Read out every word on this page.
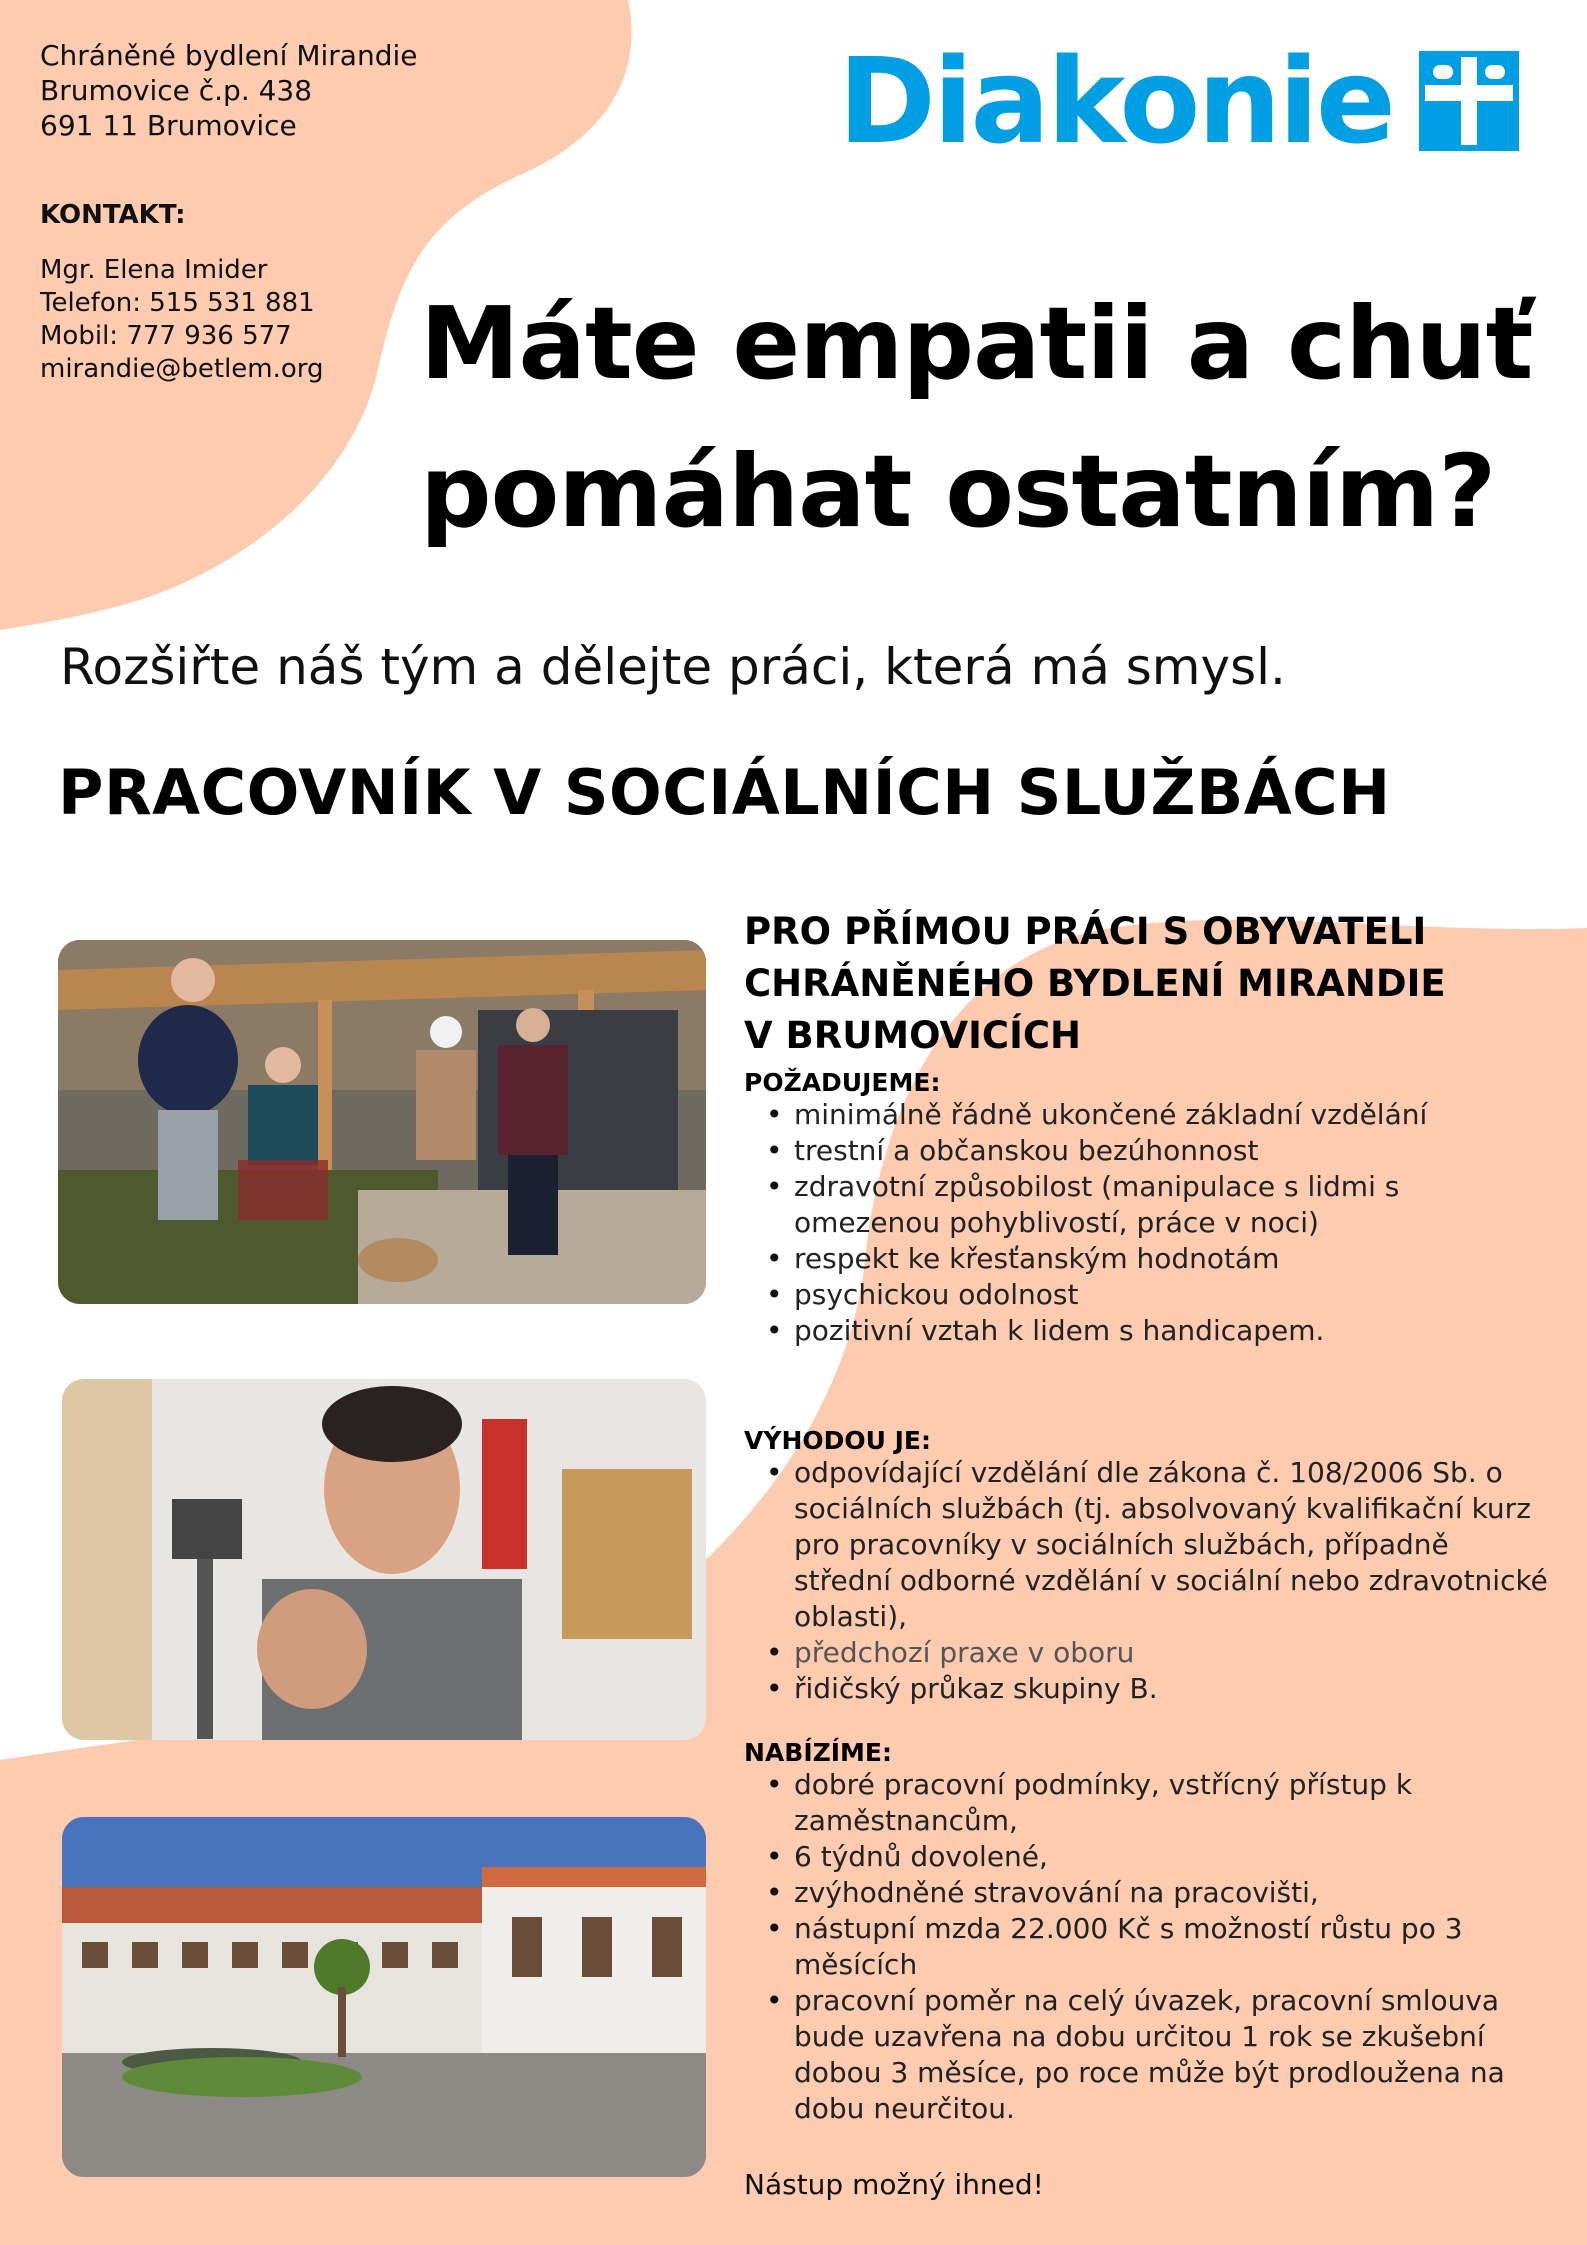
Chráněné bydlení Mirandie
Brumovice č.p. 438
691 11 Brumovice
KONTAKT:
Mgr. Elena Imider
Telefon: 515 531 881
Mobil: 777 936 577
mirandie@betlem.org
Diakonie
Máte empatii a chuť
pomáhat ostatním?
Rozšiřte náš tým a dělejte práci, která má smysl.
PRACOVNÍK V SOCIÁLNÍCH SLUŽBÁCH
PRO PŘÍMOU PRÁCI S OBYVATELI
CHRÁNĚNÉHO BYDLENÍ MIRANDIE
V BRUMOVICÍCH
POŽADUJEME:
• minimálně řádně ukončené základní vzdělání
• trestní a občanskou bezúhonnost
• zdravotní způsobilost (manipulace s lidmi s omezenou pohyblivostí, práce v noci)
• respekt ke křesťanským hodnotám
• psychickou odolnost
• pozitivní vztah k lidem s handicapem.
VÝHODOU JE:
• odpovídající vzdělání dle zákona č. 108/2006 Sb. o sociálních službách (tj. absolvovaný kvalifikační kurz pro pracovníky v sociálních službách, případně střední odborné vzdělání v sociální nebo zdravotnické oblasti),
• předchozí praxe v oboru
• řidičský průkaz skupiny B.
NABÍZÍME:
• dobré pracovní podmínky, vstřícný přístup k zaměstnancům,
• 6 týdnů dovolené,
• zvýhodněné stravování na pracovišti,
• nástupní mzda 22.000 Kč s možností růstu po 3 měsících
• pracovní poměr na celý úvazek, pracovní smlouva bude uzavřena na dobu určitou 1 rok se zkušební dobou 3 měsíce, po roce může být prodloužena na dobu neurčitou.
Nástup možný ihned!
